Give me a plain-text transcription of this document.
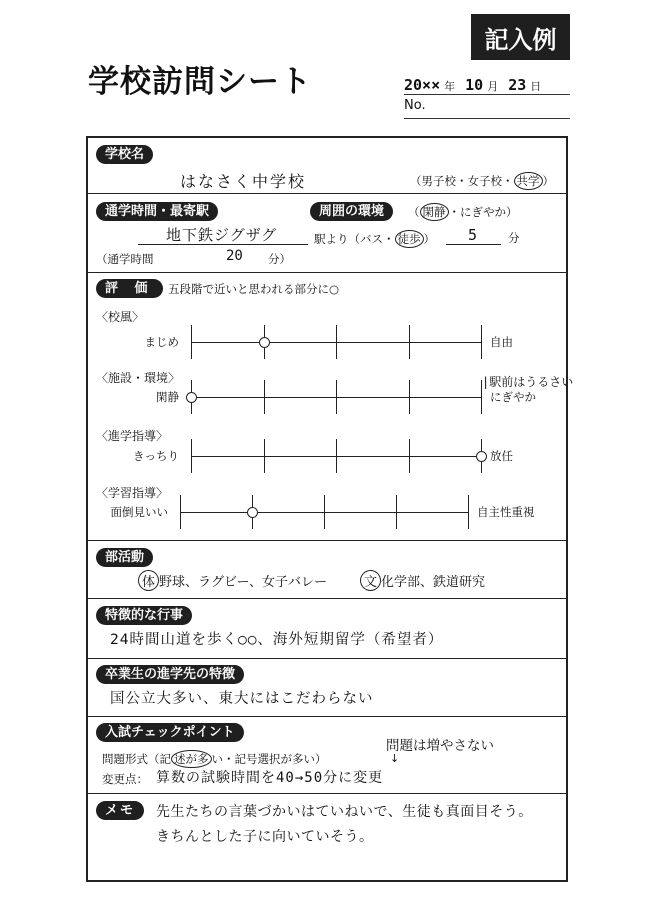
記入例
学校訪問シート	20×× 年 10 月 23 日
No.
学校名
はなさく中学校	（男子校・女子校・ 共学 ）
通学時間・最寄駅	周囲の環境	（ 閑静 ・にぎやか）
地下鉄ジグザグ	駅より（バス・ 徒歩 ） 5	分
（通学時間	20 分）
評 価	五段階で近いと思われる部分に○
〈校風〉
まじめ	自由
〈施設・環境〉
閑静	にぎやか
|駅前はうるさい
〈進学指導〉
きっちり	放任
〈学習指導〉
面倒見いい	自主性重視
部活動
体 野球、ラグビー、女子バレー	文 化学部、鉄道研究
特徴的な行事
24時間山道を歩く○○、海外短期留学（希望者）
卒業生の進学先の特徴
国公立大多い、東大にはこだわらない
入試チェックポイント
問題は増やさない
↓
問題形式（記 述が多 い・記号選択が多い）
変更点： 算数の試験時間を40→50分に変更
メモ	先生たちの言葉づかいはていねいで、生徒も真面目そう。
きちんとした子に向いていそう。
